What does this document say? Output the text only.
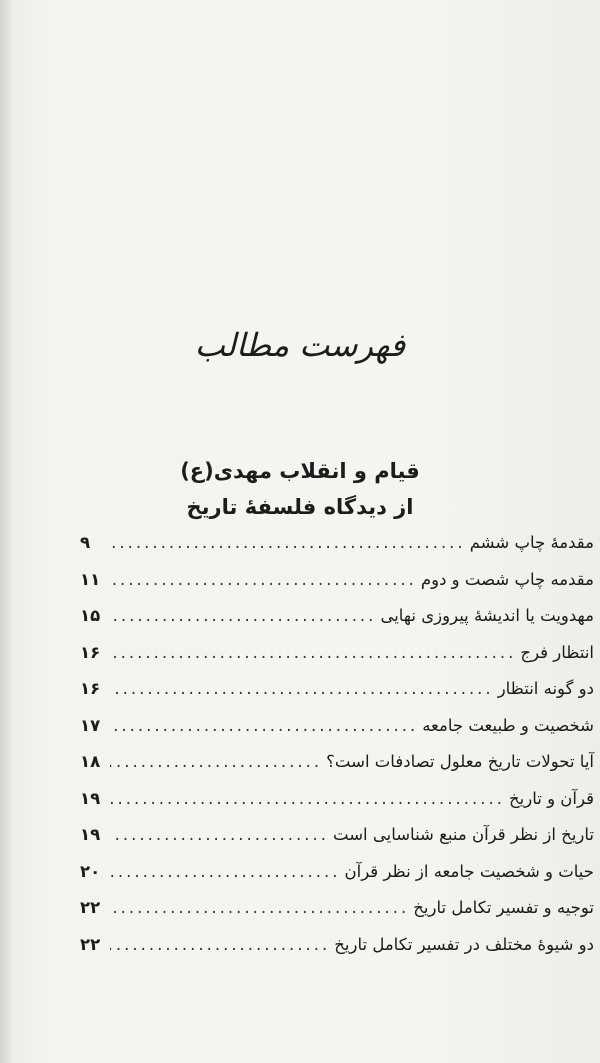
فهرست مطالب
قیام و انقلاب مهدی(ع)
از دیدگاه فلسفهٔ تاریخ
مقدمهٔ چاپ ششم
.....
۹
مقدمه چاپ شصت و دوم
.....
۱۱
مهدویت یا اندیشهٔ پیروزی نهایی
.....
۱۵
انتظار فرج
.....
۱۶
دو گونه انتظار
.....
۱۶
شخصیت و طبیعت جامعه
.....
۱۷
آیا تحولات تاریخ معلول تصادفات است؟
.....
۱۸
قرآن و تاریخ
.....
۱۹
تاریخ از نظر قرآن منبع شناسایی است
.....
۱۹
حیات و شخصیت جامعه از نظر قرآن
.....
۲۰
توجیه و تفسیر تکامل تاریخ
.....
۲۲
دو شیوهٔ مختلف در تفسیر تکامل تاریخ
.....
۲۲
